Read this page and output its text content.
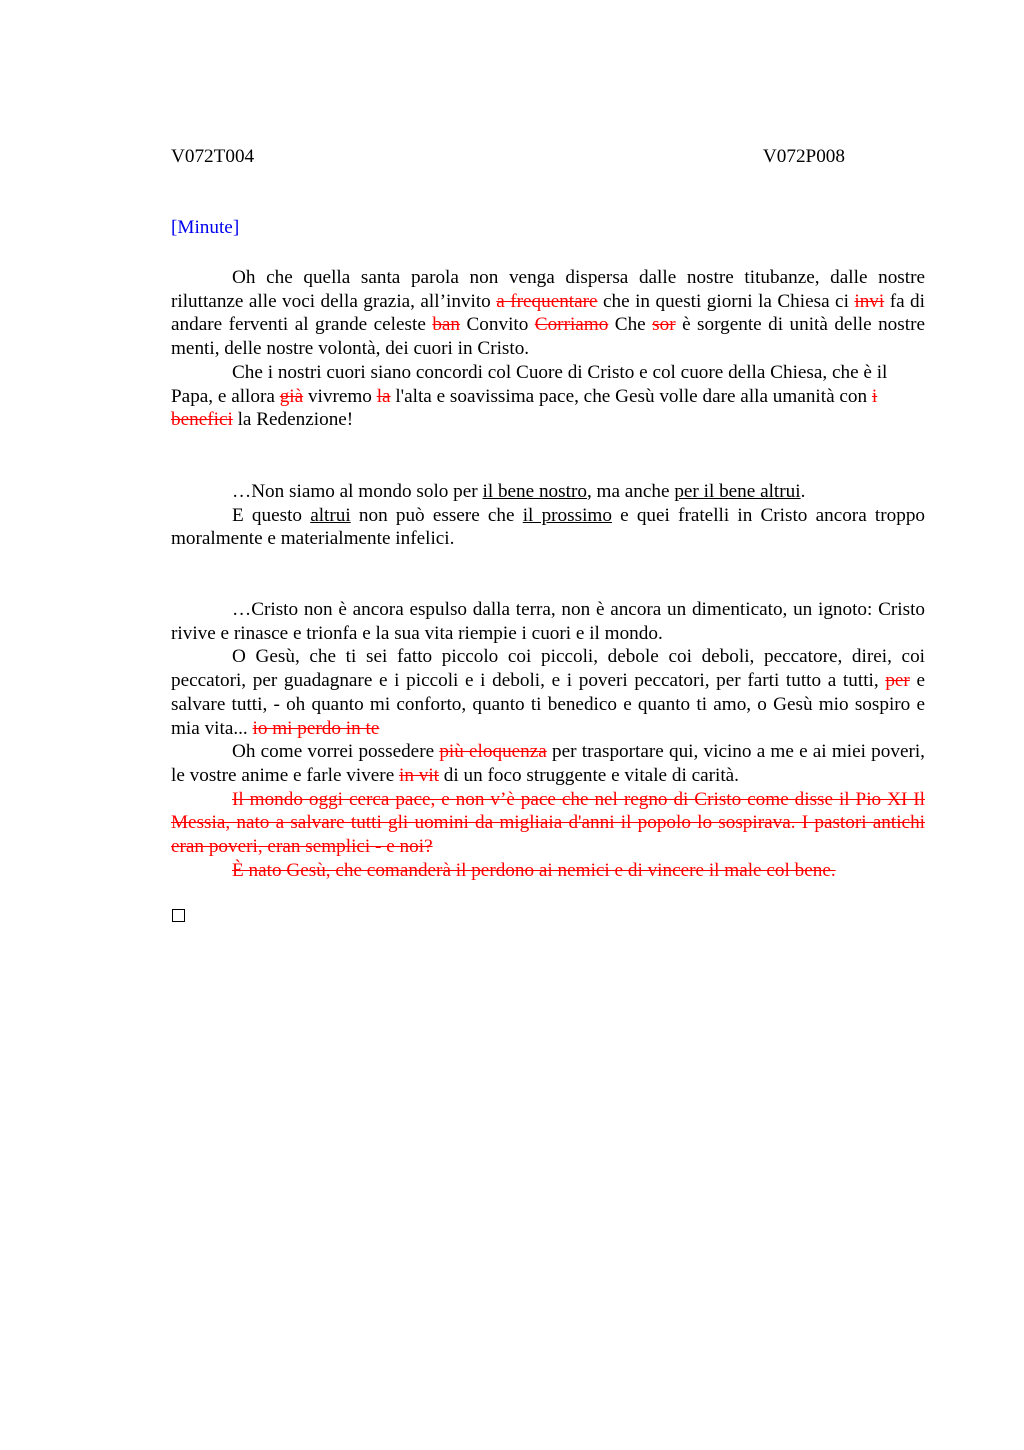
V072T004	V072P008
[Minute]

Oh che quella santa parola non venga dispersa dalle nostre titubanze, dalle nostre riluttanze alle voci della grazia, all’invito a frequentare che in questi giorni la Chiesa ci invi fa di andare ferventi al grande celeste ban Convito Corriamo Che sor è sorgente di unità delle nostre menti, delle nostre volontà, dei cuori in Cristo.

Che i nostri cuori siano concordi col Cuore di Cristo e col cuore della Chiesa, che è il Papa, e allora già vivremo la l'alta e soavissima pace, che Gesù volle dare alla umanità con i benefici la Redenzione!

…Non siamo al mondo solo per il bene nostro, ma anche per il bene altrui.

E questo altrui non può essere che il prossimo e quei fratelli in Cristo ancora troppo moralmente e materialmente infelici.

…Cristo non è ancora espulso dalla terra, non è ancora un dimenticato, un ignoto: Cristo rivive e rinasce e trionfa e la sua vita riempie i cuori e il mondo.

O Gesù, che ti sei fatto piccolo coi piccoli, debole coi deboli, peccatore, direi, coi peccatori, per guadagnare e i piccoli e i deboli, e i poveri peccatori, per farti tutto a tutti, per e salvare tutti, - oh quanto mi conforto, quanto ti benedico e quanto ti amo, o Gesù mio sospiro e mia vita... io mi perdo in te

Oh come vorrei possedere più eloquenza per trasportare qui, vicino a me e ai miei poveri, le vostre anime e farle vivere in vit di un foco struggente e vitale di carità.

Il mondo oggi cerca pace, e non v’è pace che nel regno di Cristo come disse il Pio XI Il Messia, nato a salvare tutti gli uomini da migliaia d'anni il popolo lo sospirava. I pastori antichi eran poveri, eran semplici - e noi?

È nato Gesù, che comanderà il perdono ai nemici e di vincere il male col bene.
